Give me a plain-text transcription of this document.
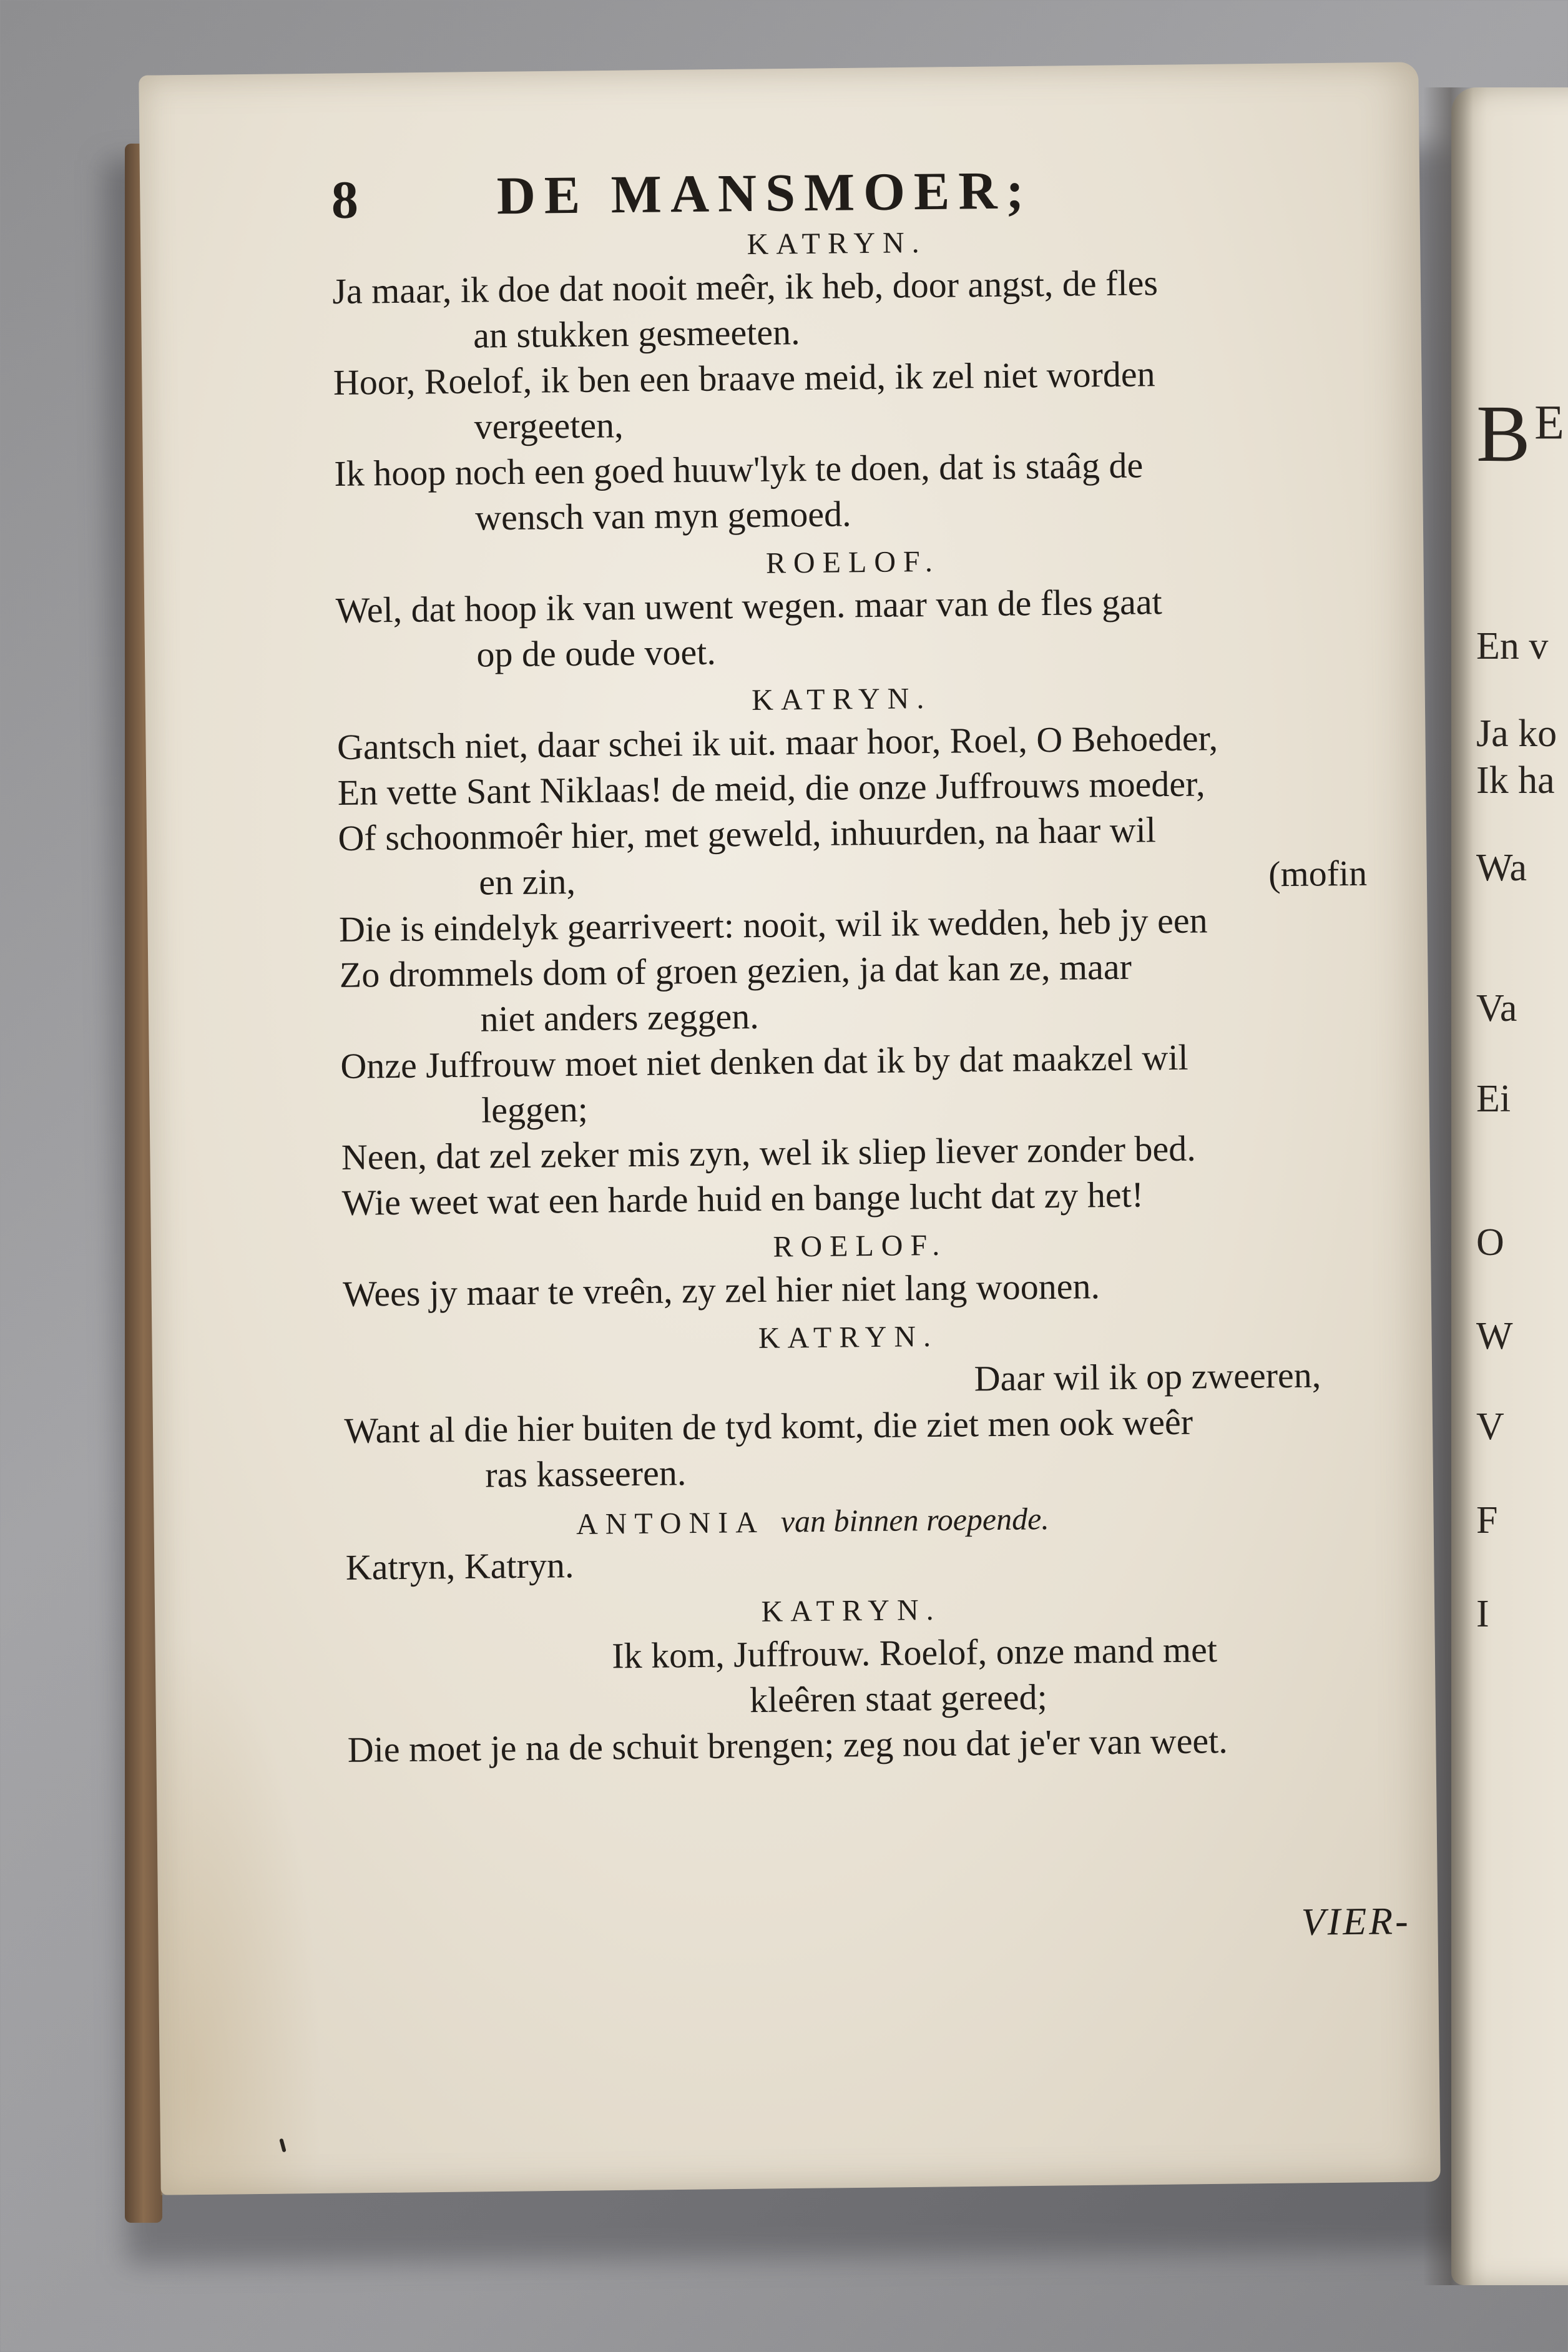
Bᴱ
En v
Ja ko
Ik ha
Wa
Va
Ei
O
W
V
F
I
8	DE MANSMOER;
KATRYN.
Ja maar, ik doe dat nooit meêr, ik heb, door angst, de fles
an stukken gesmeeten.
Hoor, Roelof, ik ben een braave meid, ik zel niet worden
vergeeten,
Ik hoop noch een goed huuw'lyk te doen, dat is staâg de
wensch van myn gemoed.
ROELOF.
Wel, dat hoop ik van uwent wegen. maar van de fles gaat
op de oude voet.
KATRYN.
Gantsch niet, daar schei ik uit. maar hoor, Roel, O Behoeder,
En vette Sant Niklaas! de meid, die onze Juffrouws moeder,
Of schoonmoêr hier, met geweld, inhuurden, na haar wil
en zin,	(mofin
Die is eindelyk gearriveert: nooit, wil ik wedden, heb jy een
Zo drommels dom of groen gezien, ja dat kan ze, maar
niet anders zeggen.
Onze Juffrouw moet niet denken dat ik by dat maakzel wil
leggen;
Neen, dat zel zeker mis zyn, wel ik sliep liever zonder bed.
Wie weet wat een harde huid en bange lucht dat zy het!
ROELOF.
Wees jy maar te vreên, zy zel hier niet lang woonen.
KATRYN.
Daar wil ik op zweeren,
Want al die hier buiten de tyd komt, die ziet men ook weêr
ras kasseeren.
ANTONIA van binnen roepende.
Katryn, Katryn.
KATRYN.
Ik kom, Juffrouw. Roelof, onze mand met
kleêren staat gereed;
Die moet je na de schuit brengen; zeg nou dat je'er van weet.
VIER-
